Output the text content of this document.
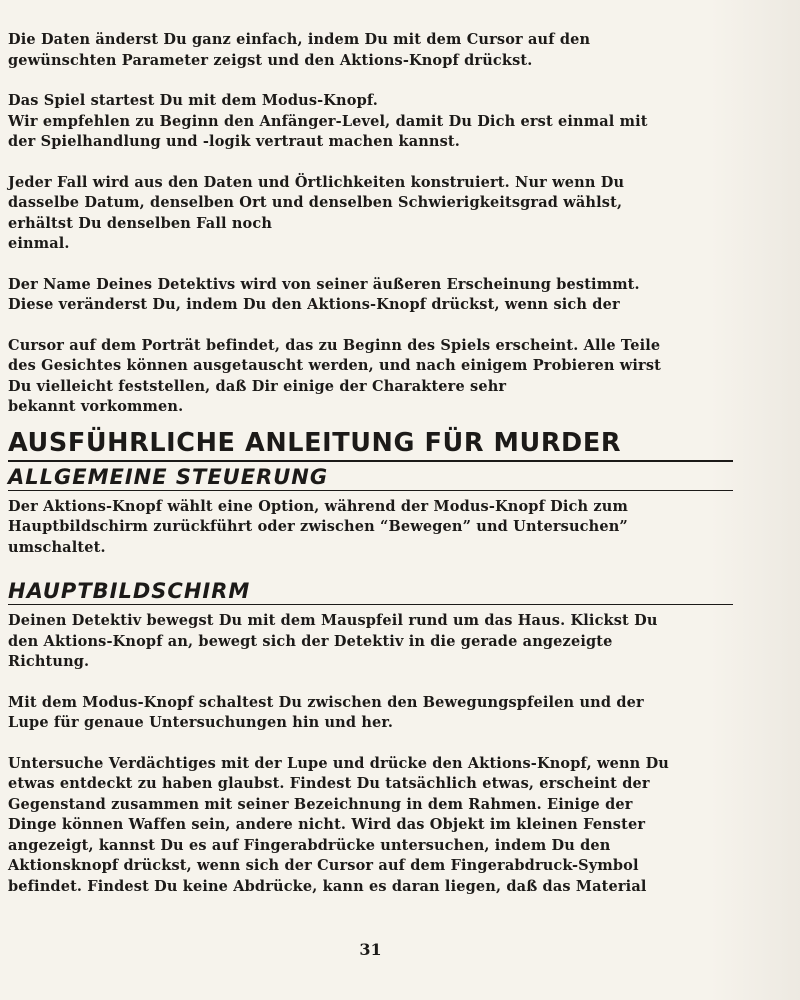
Die Daten änderst Du ganz einfach, indem Du mit dem Cursor auf den
gewünschten Parameter zeigst und den Aktions-Knopf drückst.

Das Spiel startest Du mit dem Modus-Knopf.
Wir empfehlen zu Beginn den Anfänger-Level, damit Du Dich erst einmal mit
der Spielhandlung und -logik vertraut machen kannst.

Jeder Fall wird aus den Daten und Örtlichkeiten konstruiert. Nur wenn Du
dasselbe Datum, denselben Ort und denselben Schwierigkeitsgrad wählst,
erhältst Du denselben Fall noch
einmal.

Der Name Deines Detektivs wird von seiner äußeren Erscheinung bestimmt.
Diese veränderst Du, indem Du den Aktions-Knopf drückst, wenn sich der

Cursor auf dem Porträt befindet, das zu Beginn des Spiels erscheint. Alle Teile
des Gesichtes können ausgetauscht werden, und nach einigem Probieren wirst
Du vielleicht feststellen, daß Dir einige der Charaktere sehr
bekannt vorkommen.

AUSFÜHRLICHE ANLEITUNG FÜR MURDER
ALLGEMEINE STEUERUNG

Der Aktions-Knopf wählt eine Option, während der Modus-Knopf Dich zum
Hauptbildschirm zurückführt oder zwischen “Bewegen” und Untersuchen”
umschaltet.

HAUPTBILDSCHIRM

Deinen Detektiv bewegst Du mit dem Mauspfeil rund um das Haus. Klickst Du
den Aktions-Knopf an, bewegt sich der Detektiv in die gerade angezeigte
Richtung.

Mit dem Modus-Knopf schaltest Du zwischen den Bewegungspfeilen und der
Lupe für genaue Untersuchungen hin und her.

Untersuche Verdächtiges mit der Lupe und drücke den Aktions-Knopf, wenn Du
etwas entdeckt zu haben glaubst. Findest Du tatsächlich etwas, erscheint der
Gegenstand zusammen mit seiner Bezeichnung in dem Rahmen. Einige der
Dinge können Waffen sein, andere nicht. Wird das Objekt im kleinen Fenster
angezeigt, kannst Du es auf Fingerabdrücke untersuchen, indem Du den
Aktionsknopf drückst, wenn sich der Cursor auf dem Fingerabdruck-Symbol
befindet. Findest Du keine Abdrücke, kann es daran liegen, daß das Material

31
